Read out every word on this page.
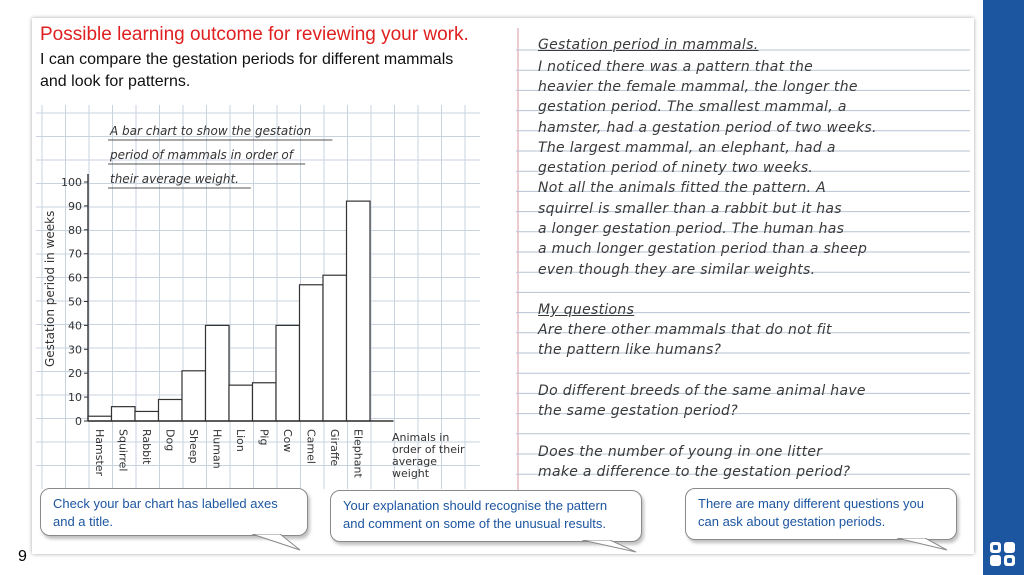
9
Possible learning outcome for reviewing your work.
I can compare the gestation periods for different mammals and look for patterns.
A bar chart to show the gestation period of mammals in order of their average weight.
0
10
20
30
40
50
60
70
80
90
100
Hamster Squirrel Rabbit Dog Sheep Human Lion Pig Cow Camel Giraffe Elephant
Gestation period in weeks
Animals in order of their average weight
Gestation period in mammals.
I noticed there was a pattern that the
heavier the female mammal, the longer the
gestation period. The smallest mammal, a
hamster, had a gestation period of two weeks.
The largest mammal, an elephant, had a
gestation period of ninety two weeks.
Not all the animals fitted the pattern. A
squirrel is smaller than a rabbit but it has
a longer gestation period. The human has
a much longer gestation period than a sheep
even though they are similar weights.
My questions
Are there other mammals that do not fit
the pattern like humans?
Do different breeds of the same animal have
the same gestation period?
Does the number of young in one litter
make a difference to the gestation period?
Check your bar chart has labelled axes and a title.
Your explanation should recognise the pattern and comment on some of the unusual results.
There are many different questions you can ask about gestation periods.
